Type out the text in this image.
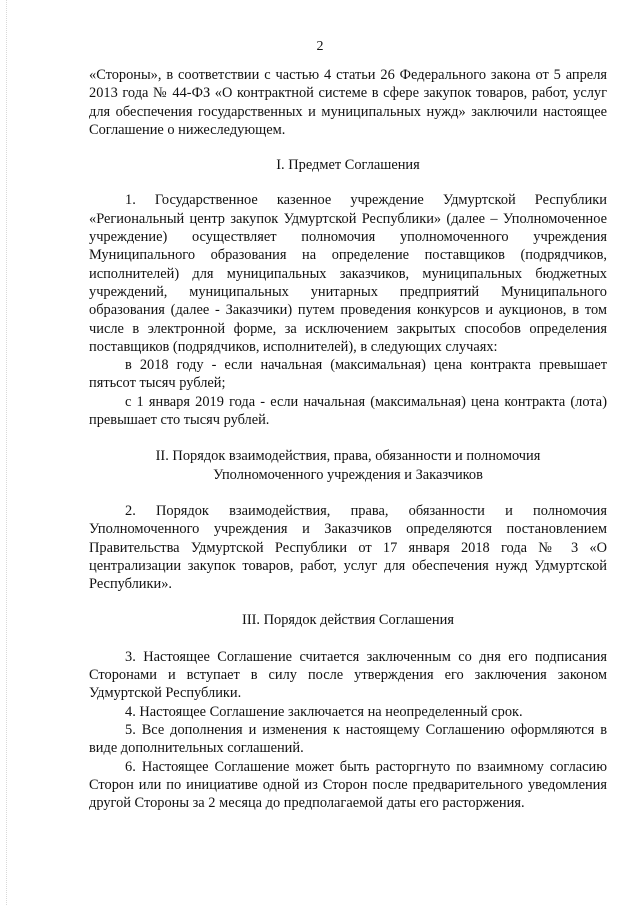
2

«Стороны», в соответствии с частью 4 статьи 26 Федерального закона от 5 апреля 2013 года № 44-ФЗ «О контрактной системе в сфере закупок товаров, работ, услуг для обеспечения государственных и муниципальных нужд» заключили настоящее Соглашение о нижеследующем.

I. Предмет Соглашения

1. Государственное казенное учреждение Удмуртской Республики «Региональный центр закупок Удмуртской Республики» (далее – Уполномоченное учреждение) осуществляет полномочия уполномоченного учреждения Муниципального образования на определение поставщиков (подрядчиков, исполнителей) для муниципальных заказчиков, муниципальных бюджетных учреждений, муниципальных унитарных предприятий Муниципального образования (далее - Заказчики) путем проведения конкурсов и аукционов, в том числе в электронной форме, за исключением закрытых способов определения поставщиков (подрядчиков, исполнителей), в следующих случаях:

в 2018 году - если начальная (максимальная) цена контракта превышает пятьсот тысяч рублей;

с 1 января 2019 года - если начальная (максимальная) цена контракта (лота) превышает сто тысяч рублей.

II. Порядок взаимодействия, права, обязанности и полномочия
Уполномоченного учреждения и Заказчиков

2. Порядок взаимодействия, права, обязанности и полномочия Уполномоченного учреждения и Заказчиков определяются постановлением Правительства Удмуртской Республики от 17 января 2018 года № 3 «О централизации закупок товаров, работ, услуг для обеспечения нужд Удмуртской Республики».

III. Порядок действия Соглашения

3. Настоящее Соглашение считается заключенным со дня его подписания Сторонами и вступает в силу после утверждения его заключения законом Удмуртской Республики.

4. Настоящее Соглашение заключается на неопределенный срок.

5. Все дополнения и изменения к настоящему Соглашению оформляются в виде дополнительных соглашений.

6. Настоящее Соглашение может быть расторгнуто по взаимному согласию Сторон или по инициативе одной из Сторон после предварительного уведомления другой Стороны за 2 месяца до предполагаемой даты его расторжения.
